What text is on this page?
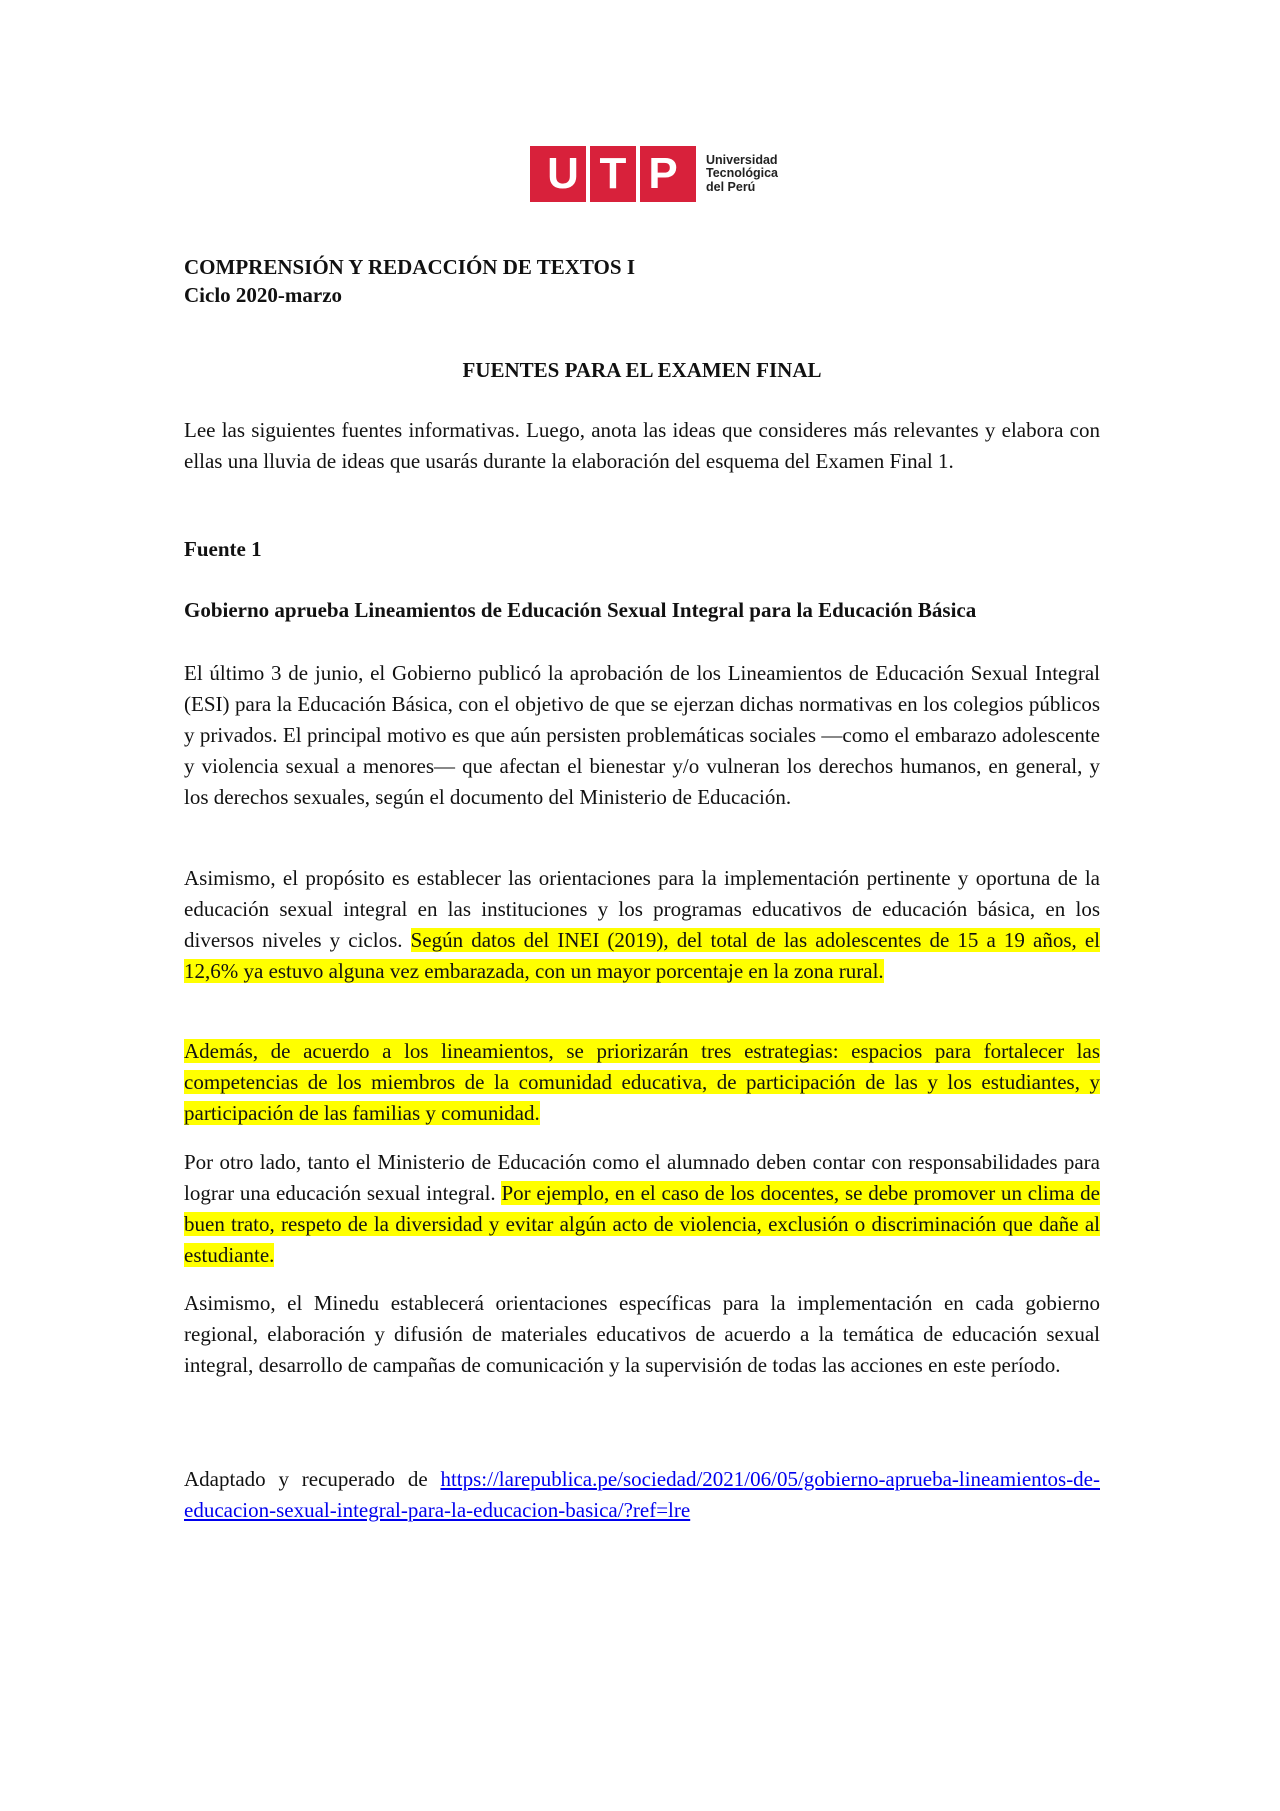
U T P	Universidad
Tecnológica
del Perú
COMPRENSIÓN Y REDACCIÓN DE TEXTOS I
Ciclo 2020-marzo
FUENTES PARA EL EXAMEN FINAL

Lee las siguientes fuentes informativas. Luego, anota las ideas que consideres más relevantes y elabora con ellas una lluvia de ideas que usarás durante la elaboración del esquema del Examen Final 1.

Fuente 1
Gobierno aprueba Lineamientos de Educación Sexual Integral para la Educación Básica

El último 3 de junio, el Gobierno publicó la aprobación de los Lineamientos de Educación Sexual Integral (ESI) para la Educación Básica, con el objetivo de que se ejerzan dichas normativas en los colegios públicos y privados. El principal motivo es que aún persisten problemáticas sociales —como el embarazo adolescente y violencia sexual a menores— que afectan el bienestar y/o vulneran los derechos humanos, en general, y los derechos sexuales, según el documento del Ministerio de Educación.

Asimismo, el propósito es establecer las orientaciones para la implementación pertinente y oportuna de la educación sexual integral en las instituciones y los programas educativos de educación básica, en los diversos niveles y ciclos. Según datos del INEI (2019), del total de las adolescentes de 15 a 19 años, el 12,6% ya estuvo alguna vez embarazada, con un mayor porcentaje en la zona rural.

Además, de acuerdo a los lineamientos, se priorizarán tres estrategias: espacios para fortalecer las competencias de los miembros de la comunidad educativa, de participación de las y los estudiantes, y participación de las familias y comunidad.

Por otro lado, tanto el Ministerio de Educación como el alumnado deben contar con responsabilidades para lograr una educación sexual integral. Por ejemplo, en el caso de los docentes, se debe promover un clima de buen trato, respeto de la diversidad y evitar algún acto de violencia, exclusión o discriminación que dañe al estudiante.

Asimismo, el Minedu establecerá orientaciones específicas para la implementación en cada gobierno regional, elaboración y difusión de materiales educativos de acuerdo a la temática de educación sexual integral, desarrollo de campañas de comunicación y la supervisión de todas las acciones en este período.

Adaptado y recuperado de https://larepublica.pe/sociedad/2021/06/05/gobierno-aprueba-lineamientos-de-educacion-sexual-integral-para-la-educacion-basica/?ref=lre
